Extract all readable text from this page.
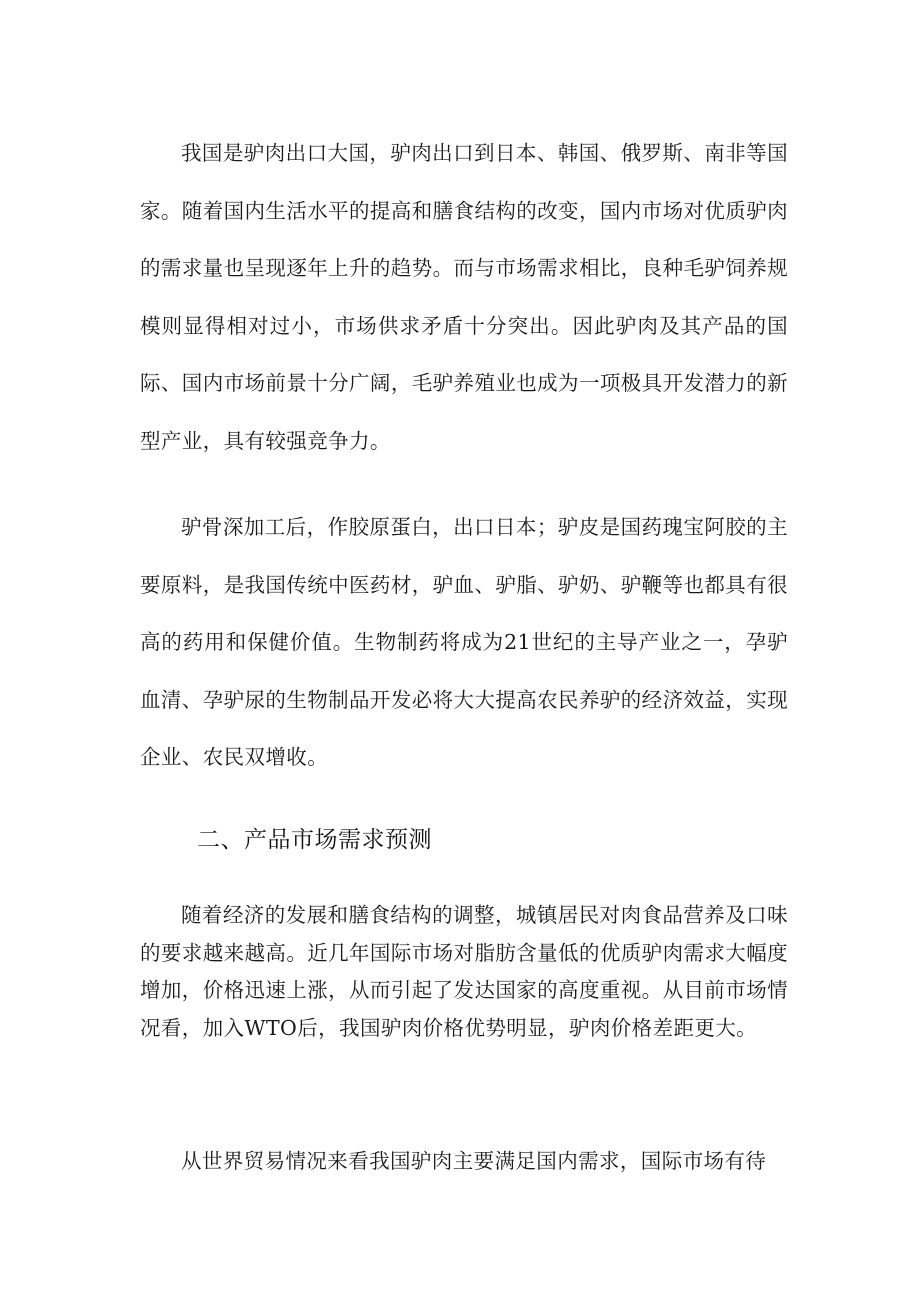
我国是驴肉出口大国，驴肉出口到日本、韩国、俄罗斯、南非等国家。随着国内生活水平的提高和膳食结构的改变，国内市场对优质驴肉的需求量也呈现逐年上升的趋势。而与市场需求相比，良种毛驴饲养规模则显得相对过小，市场供求矛盾十分突出。因此驴肉及其产品的国际、国内市场前景十分广阔，毛驴养殖业也成为一项极具开发潜力的新型产业，具有较强竞争力。

驴骨深加工后，作胶原蛋白，出口日本；驴皮是国药瑰宝阿胶的主要原料，是我国传统中医药材，驴血、驴脂、驴奶、驴鞭等也都具有很高的药用和保健价值。生物制药将成为21世纪的主导产业之一，孕驴血清、孕驴尿的生物制品开发必将大大提高农民养驴的经济效益，实现企业、农民双增收。

二、产品市场需求预测

随着经济的发展和膳食结构的调整，城镇居民对肉食品营养及口味的要求越来越高。近几年国际市场对脂肪含量低的优质驴肉需求大幅度增加，价格迅速上涨，从而引起了发达国家的高度重视。从目前市场情况看，加入WTO后，我国驴肉价格优势明显，驴肉价格差距更大。

从世界贸易情况来看我国驴肉主要满足国内需求，国际市场有待
